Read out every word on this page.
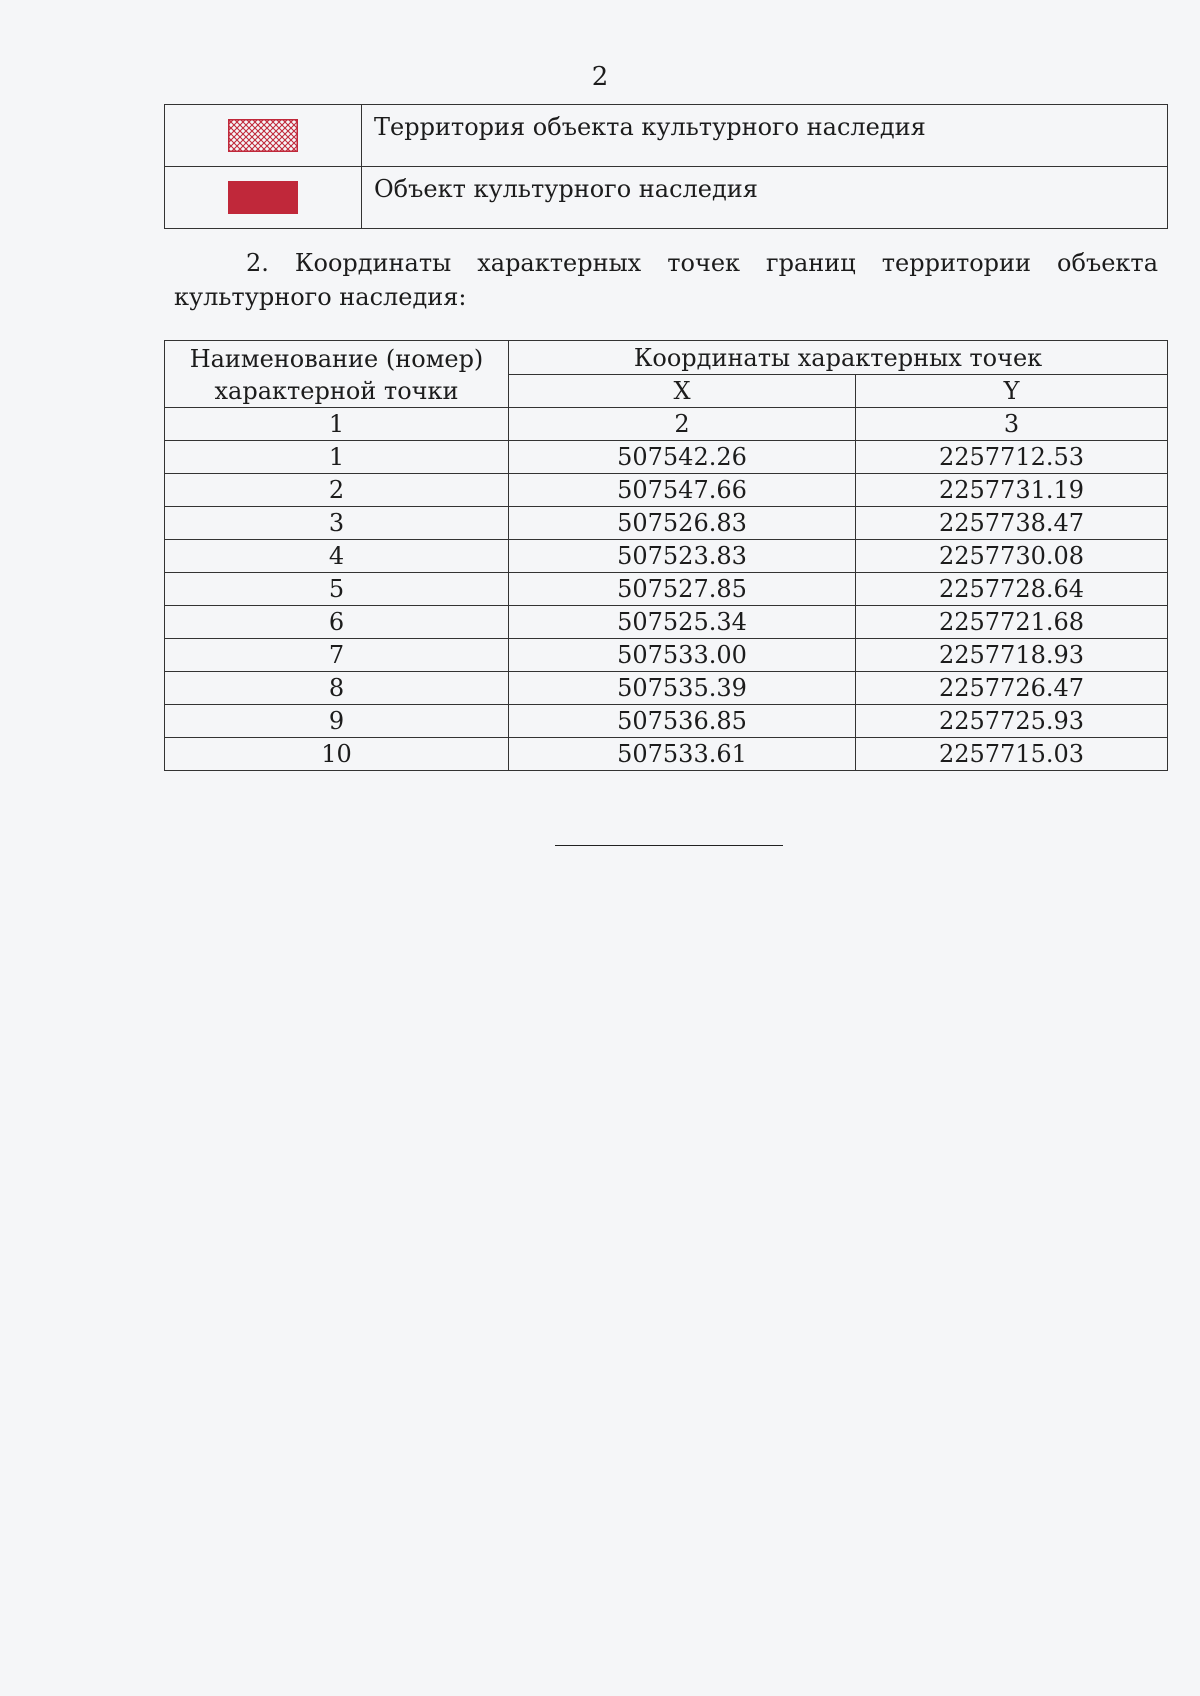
2
	Территория объекта культурного наследия

	Объект культурного наследия
2. Координаты характерных точек границ территории объекта
культурного наследия:
Наименование (номер) характерной точки	Координаты характерных точек	
	X	Y
1	2	3
1	507542.26	2257712.53
2	507547.66	2257731.19
3	507526.83	2257738.47
4	507523.83	2257730.08
5	507527.85	2257728.64
6	507525.34	2257721.68
7	507533.00	2257718.93
8	507535.39	2257726.47
9	507536.85	2257725.93
10	507533.61	2257715.03
